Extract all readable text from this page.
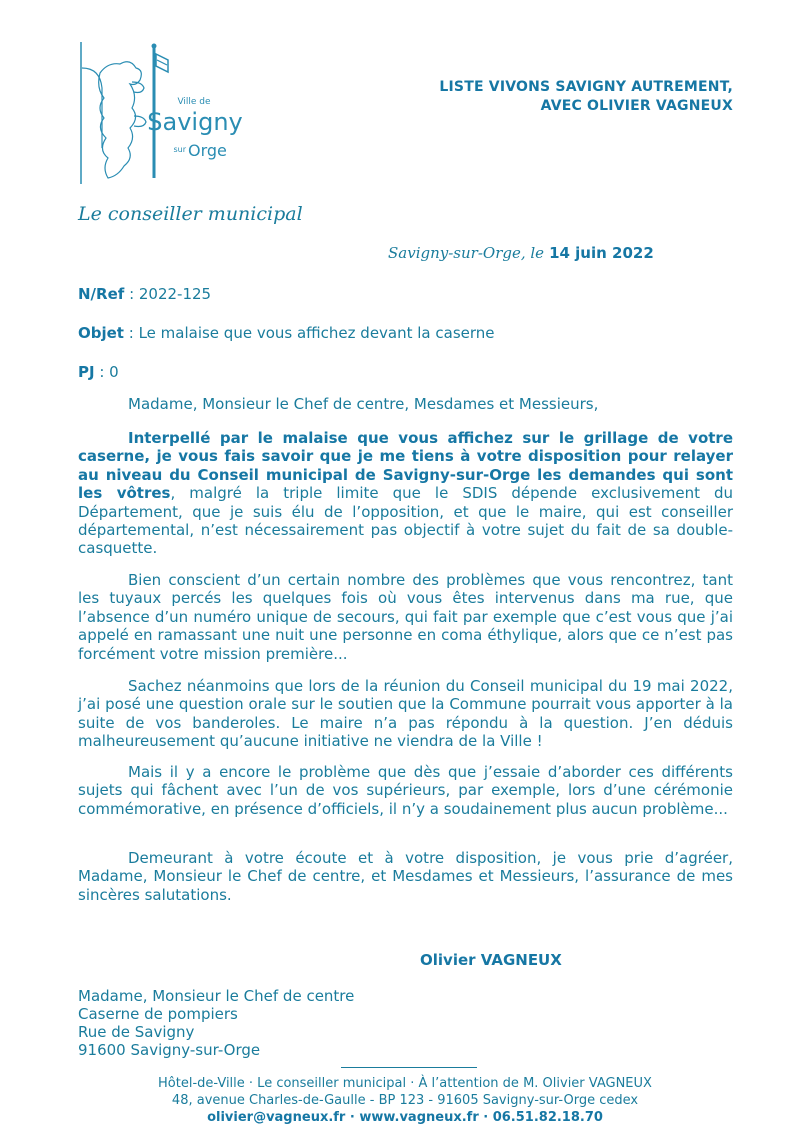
Ville de
Savigny
sur Orge
LISTE VIVONS SAVIGNY AUTREMENT,
AVEC OLIVIER VAGNEUX
Le conseiller municipal
Savigny-sur-Orge, le 14 juin 2022
N/Ref : 2022-125
Objet : Le malaise que vous affichez devant la caserne
PJ : 0

Madame, Monsieur le Chef de centre, Mesdames et Messieurs,

Interpellé par le malaise que vous affichez sur le grillage de votre caserne, je vous fais savoir que je me tiens à votre disposition pour relayer au niveau du Conseil municipal de Savigny-sur-Orge les demandes qui sont les vôtres, malgré la triple limite que le SDIS dépende exclusivement du Département, que je suis élu de l’opposition, et que le maire, qui est conseiller départemental, n’est nécessairement pas objectif à votre sujet du fait de sa double-casquette.

Bien conscient d’un certain nombre des problèmes que vous rencontrez, tant les tuyaux percés les quelques fois où vous êtes intervenus dans ma rue, que l’absence d’un numéro unique de secours, qui fait par exemple que c’est vous que j’ai appelé en ramassant une nuit une personne en coma éthylique, alors que ce n’est pas forcément votre mission première...

Sachez néanmoins que lors de la réunion du Conseil municipal du 19 mai 2022, j’ai posé une question orale sur le soutien que la Commune pourrait vous apporter à la suite de vos banderoles. Le maire n’a pas répondu à la question. J’en déduis malheureusement qu’aucune initiative ne viendra de la Ville !

Mais il y a encore le problème que dès que j’essaie d’aborder ces différents sujets qui fâchent avec l’un de vos supérieurs, par exemple, lors d’une cérémonie commémorative, en présence d’officiels, il n’y a soudainement plus aucun problème...

Demeurant à votre écoute et à votre disposition, je vous prie d’agréer, Madame, Monsieur le Chef de centre, et Mesdames et Messieurs, l’assurance de mes sincères salutations.

Olivier VAGNEUX
Madame, Monsieur le Chef de centre
Caserne de pompiers
Rue de Savigny
91600 Savigny-sur-Orge
Hôtel-de-Ville · Le conseiller municipal · À l’attention de M. Olivier VAGNEUX
48, avenue Charles-de-Gaulle - BP 123 - 91605 Savigny-sur-Orge cedex
olivier@vagneux.fr · www.vagneux.fr · 06.51.82.18.70
